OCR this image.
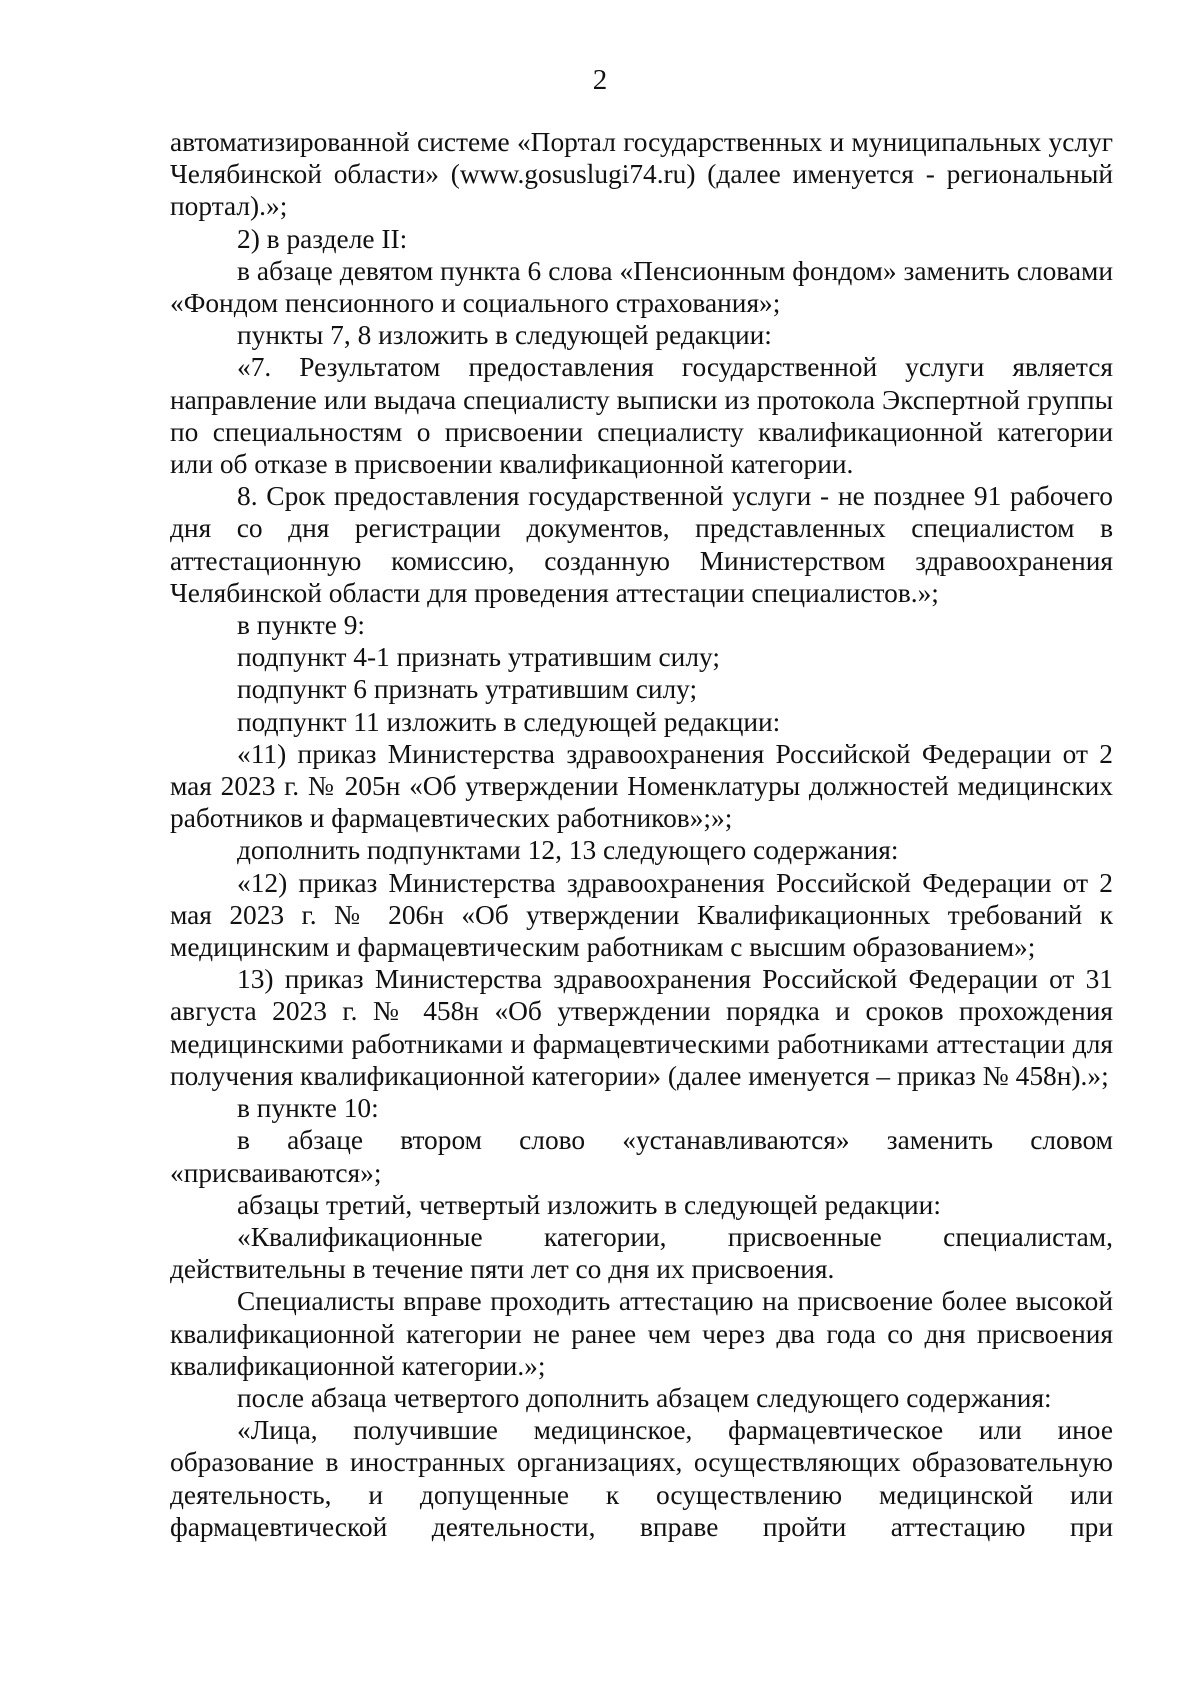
2

автоматизированной системе «Портал государственных и муниципальных услуг Челябинской области» (www.gosuslugi74.ru) (далее именуется - региональный портал).»;

2) в разделе II:

в абзаце девятом пункта 6 слова «Пенсионным фондом» заменить словами «Фондом пенсионного и социального страхования»;

пункты 7, 8 изложить в следующей редакции:

«7. Результатом предоставления государственной услуги является направление или выдача специалисту выписки из протокола Экспертной группы по специальностям о присвоении специалисту квалификационной категории или об отказе в присвоении квалификационной категории.

8. Срок предоставления государственной услуги - не позднее 91 рабочего дня со дня регистрации документов, представленных специалистом в аттестационную комиссию, созданную Министерством здравоохранения Челябинской области для проведения аттестации специалистов.»;

в пункте 9:

подпункт 4-1 признать утратившим силу;

подпункт 6 признать утратившим силу;

подпункт 11 изложить в следующей редакции:

«11) приказ Министерства здравоохранения Российской Федерации от 2 мая 2023 г. № 205н «Об утверждении Номенклатуры должностей медицинских работников и фармацевтических работников»;»;

дополнить подпунктами 12, 13 следующего содержания:

«12) приказ Министерства здравоохранения Российской Федерации от 2 мая 2023 г. № 206н «Об утверждении Квалификационных требований к медицинским и фармацевтическим работникам с высшим образованием»;

13) приказ Министерства здравоохранения Российской Федерации от 31 августа 2023 г. № 458н «Об утверждении порядка и сроков прохождения медицинскими работниками и фармацевтическими работниками аттестации для получения квалификационной категории» (далее именуется – приказ № 458н).»;

в пункте 10:

в абзаце втором слово «устанавливаются» заменить словом «присваиваются»;

абзацы третий, четвертый изложить в следующей редакции:

«Квалификационные категории, присвоенные специалистам, действительны в течение пяти лет со дня их присвоения.

Специалисты вправе проходить аттестацию на присвоение более высокой квалификационной категории не ранее чем через два года со дня присвоения квалификационной категории.»;

после абзаца четвертого дополнить абзацем следующего содержания:

«Лица, получившие медицинское, фармацевтическое или иное образование в иностранных организациях, осуществляющих образовательную деятельность, и допущенные к осуществлению медицинской или фармацевтической деятельности, вправе пройти аттестацию при
